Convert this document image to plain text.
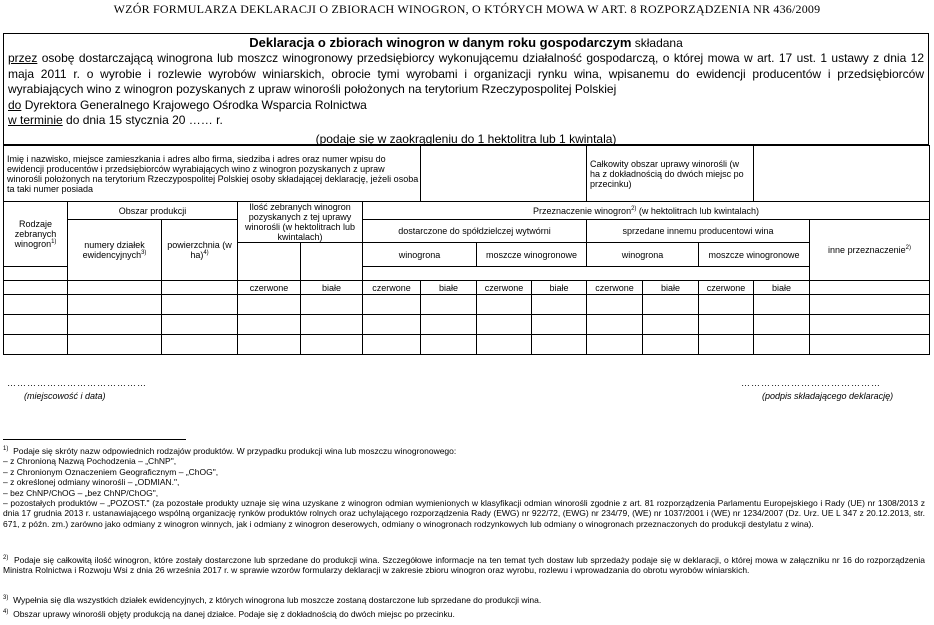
WZÓR FORMULARZA DEKLARACJI O ZBIORACH WINOGRON, O KTÓRYCH MOWA W ART. 8 ROZPORZĄDZENIA NR 436/2009
Deklaracja o zbiorach winogron w danym roku gospodarczym składana
przez osobę dostarczającą winogrona lub moszcz winogronowy przedsiębiorcy wykonującemu działalność gospodarczą, o której mowa w art. 17 ust. 1 ustawy z dnia 12 maja 2011 r. o wyrobie i rozlewie wyrobów winiarskich, obrocie tymi wyrobami i organizacji rynku wina, wpisanemu do ewidencji producentów i przedsiębiorców wyrabiających wino z winogron pozyskanych z upraw winorośli położonych na terytorium Rzeczypospolitej Polskiej
do Dyrektora Generalnego Krajowego Ośrodka Wsparcia Rolnictwa
w terminie do dnia 15 stycznia 20 …… r.
(podaje się w zaokrągleniu do 1 hektolitra lub 1 kwintala)
Imię i nazwisko, miejsce zamieszkania i adres albo firma, siedziba i adres oraz numer wpisu do ewidencji producentów i przedsiębiorców wyrabiających wino z winogron pozyskanych z upraw winorośli położonych na terytorium Rzeczypospolitej Polskiej osoby składającej deklarację, jeżeli osoba ta taki numer posiada									Całkowity obszar uprawy winorośli (w ha z dokładnością do dwóch miejsc po przecinku)				
Rodzaje zebranych winogron$^{1)}$	Obszar produkcji		Ilość zebranych winogron pozyskanych z tej uprawy winorośli (w hektolitrach lub kwintalach)		Przeznaczenie winogron$^{2)}$ (w hektolitrach lub kwintalach)								
	numery działek ewidencyjnych$^{3)}$	powierzchnia (w ha)$^{4)}$			dostarczone do spółdzielczej wytwórni				sprzedane innemu producentowi wina				inne przeznaczenie$^{2)}$
					winogrona		moszcze winogronowe		winogrona		moszcze winogronowe		

			czerwone	białe	czerwone	białe	czerwone	białe	czerwone	białe	czerwone	białe	

……………………………………
(miejscowość i data)
……………………………………
(podpis składającego deklarację)
$^{1)}$ Podaje się skróty nazw odpowiednich rodzajów produktów. W przypadku produkcji wina lub moszczu winogronowego:
– z Chronioną Nazwą Pochodzenia – „ChNP",
– z Chronionym Oznaczeniem Geograficznym – „ChOG",
– z określonej odmiany winorośli – „ODMIAN.",
– bez ChNP/ChOG – „bez ChNP/ChOG",
– pozostałych produktów – „POZOST." (za pozostałe produkty uznaje się wina uzyskane z winogron odmian wymienionych w klasyfikacji odmian winorośli zgodnie z art. 81 rozporządzenia Parlamentu Europejskiego i Rady (UE) nr 1308/2013 z dnia 17 grudnia 2013 r. ustanawiającego wspólną organizację rynków produktów rolnych oraz uchylającego rozporządzenia Rady (EWG) nr 922/72, (EWG) nr 234/79, (WE) nr 1037/2001 i (WE) nr 1234/2007 (Dz. Urz. UE L 347 z 20.12.2013, str. 671, z późn. zm.) zarówno jako odmiany z winogron winnych, jak i odmiany z winogron deserowych, odmiany o winogronach rodzynkowych lub odmiany o winogronach przeznaczonych do produkcji destylatu z wina).
$^{2)}$ Podaje się całkowitą ilość winogron, które zostały dostarczone lub sprzedane do produkcji wina. Szczegółowe informacje na ten temat tych dostaw lub sprzedaży podaje się w deklaracji, o której mowa w załączniku nr 16 do rozporządzenia Ministra Rolnictwa i Rozwoju Wsi z dnia 26 września 2017 r. w sprawie wzorów formularzy deklaracji w zakresie zbioru winogron oraz wyrobu, rozlewu i wprowadzania do obrotu wyrobów winiarskich.
$^{3)}$ Wypełnia się dla wszystkich działek ewidencyjnych, z których winogrona lub moszcze zostaną dostarczone lub sprzedane do produkcji wina.
$^{4)}$ Obszar uprawy winorośli objęty produkcją na danej działce. Podaje się z dokładnością do dwóch miejsc po przecinku.
